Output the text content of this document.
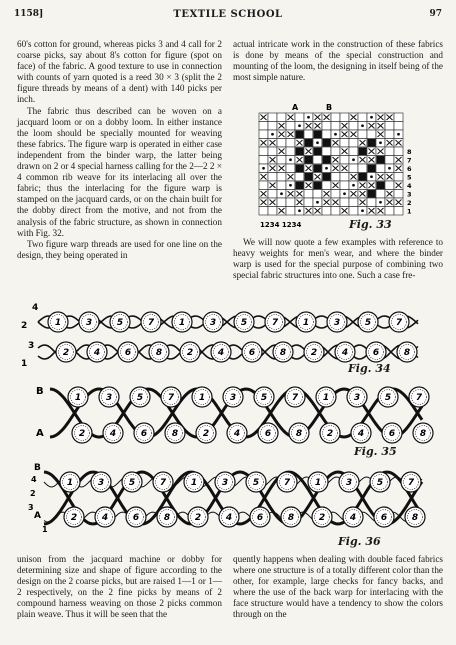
1158]	TEXTILE SCHOOL	97

60's cotton for ground, whereas picks 3 and 4 call for 2 coarse picks, say about 8's cotton for figure (spot on face) of the fabric. A good texture to use in connection with counts of yarn quoted is a reed 30 × 3 (split the 2 figure threads by means of a dent) with 140 picks per inch.

The fabric thus described can be woven on a jacquard loom or on a dobby loom. In either instance the loom should be specially mounted for weaving these fabrics. The figure warp is operated in either case independent from the binder warp, the latter being drawn on 2 or 4 special harness calling for the 2—2 2 × 4 common rib weave for its interlacing all over the fabric; thus the interlacing for the figure warp is stamped on the jacquard cards, or on the chain built for the dobby direct from the motive, and not from the analysis of the fabric structure, as shown in connection with Fig. 32.

Two figure warp threads are used for one line on the design, they being operated in

actual intricate work in the construction of these fabrics is done by means of the special construction and mounting of the loom, the designing in itself being of the most simple nature.

A	B
8
7
6
5
4
3
2
1
1234 1234	Fig. 33

We will now quote a few examples with reference to heavy weights for men's wear, and where the binder warp is used for the special purpose of combining two special fabric structures into one. Such a case fre-

4
2
3
1
1	3	5	7	1	3	5	7	1	3	5	7
2	4	6	8	2	4	6	8	2	4	6	8
Fig. 34
B
A
1	3	5	7	1	3	5	7	1	3	5	7
2	4	6	8	2	4	6	8	2	4	6	8
Fig. 35
B
4
2
A
3
1
1	3	5	7	1	3	5	7	1	3	5	7
2	4	6	8	2	4	6	8	2	4	6	8
Fig. 36

unison from the jacquard machine or dobby for determining size and shape of figure according to the design on the 2 coarse picks, but are raised 1—1 or 1—2 respectively, on the 2 fine picks by means of 2 compound harness weaving on those 2 picks common plain weave. Thus it will be seen that the

quently happens when dealing with double faced fabrics where one structure is of a totally different color than the other, for example, large checks for fancy backs, and where the use of the back warp for interlacing with the face structure would have a tendency to show the colors through on the
